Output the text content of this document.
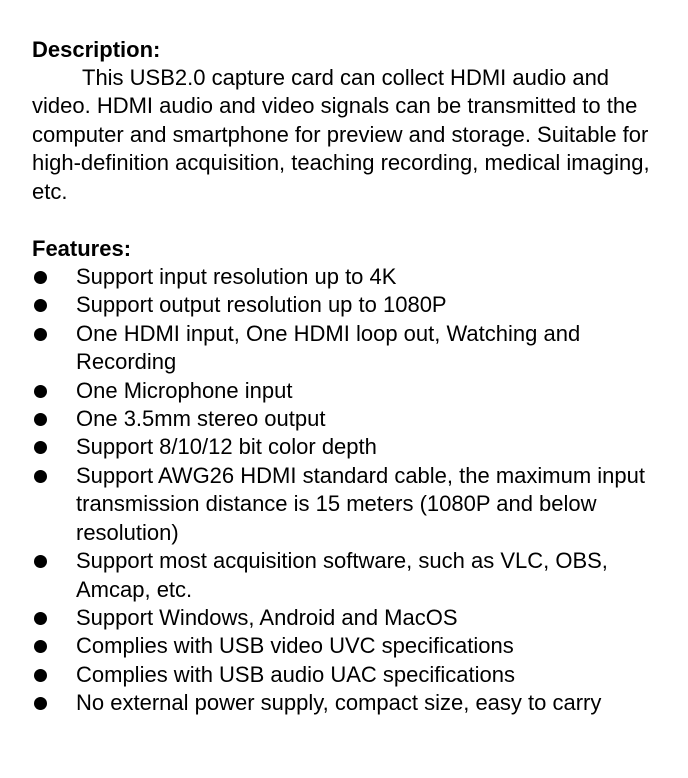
Description:

This USB2.0 capture card can collect HDMI audio and video. HDMI audio and video signals can be transmitted to the computer and smartphone for preview and storage. Suitable for high-definition acquisition, teaching recording, medical imaging, etc.

Features:
Support input resolution up to 4K
Support output resolution up to 1080P
One HDMI input, One HDMI loop out, Watching and Recording
One Microphone input
One 3.5mm stereo output
Support 8/10/12 bit color depth
Support AWG26 HDMI standard cable, the maximum input transmission distance is 15 meters (1080P and below resolution)
Support most acquisition software, such as VLC, OBS, Amcap, etc.
Support Windows, Android and MacOS
Complies with USB video UVC specifications
Complies with USB audio UAC specifications
No external power supply, compact size, easy to carry
